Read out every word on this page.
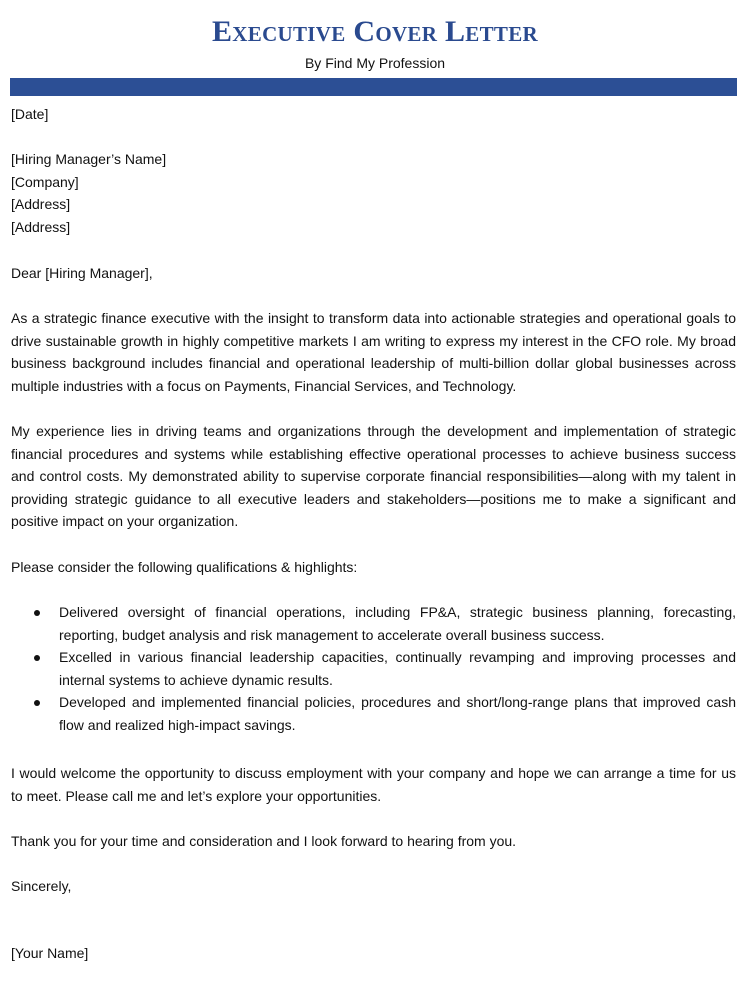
Executive Cover Letter
By Find My Profession
[Date]
[Hiring Manager’s Name]
[Company]
[Address]
[Address]
Dear [Hiring Manager],
As a strategic finance executive with the insight to transform data into actionable strategies and operational goals to drive sustainable growth in highly competitive markets I am writing to express my interest in the CFO role. My broad business background includes financial and operational leadership of multi-billion dollar global businesses across multiple industries with a focus on Payments, Financial Services, and Technology.
My experience lies in driving teams and organizations through the development and implementation of strategic financial procedures and systems while establishing effective operational processes to achieve business success and control costs. My demonstrated ability to supervise corporate financial responsibilities—along with my talent in providing strategic guidance to all executive leaders and stakeholders—positions me to make a significant and positive impact on your organization.
Please consider the following qualifications & highlights:
Delivered oversight of financial operations, including FP&A, strategic business planning, forecasting, reporting, budget analysis and risk management to accelerate overall business success.
Excelled in various financial leadership capacities, continually revamping and improving processes and internal systems to achieve dynamic results.
Developed and implemented financial policies, procedures and short/long-range plans that improved cash flow and realized high-impact savings.
I would welcome the opportunity to discuss employment with your company and hope we can arrange a time for us to meet. Please call me and let’s explore your opportunities.
Thank you for your time and consideration and I look forward to hearing from you.
Sincerely,
[Your Name]
